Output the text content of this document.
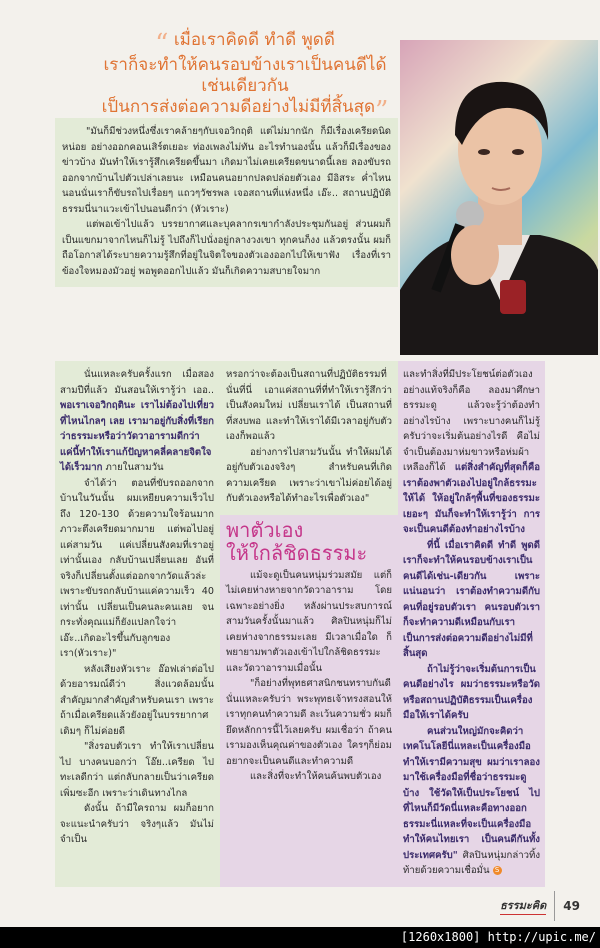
“ เมื่อเราคิดดี ทำดี พูดดี
เราก็จะทำให้คนรอบข้างเราเป็นคนดีได้เช่นเดียวกัน
เป็นการส่งต่อความดีอย่างไม่มีที่สิ้นสุด”

"มันก็มีช่วงหนึ่งซึ่งเราคล้ายๆกับเจอวิกฤติ แต่ไม่มากนัก ก็มีเรื่องเครียดนิดหน่อย อย่างออกคอนเสิร์ตเยอะ ท่องเพลงไม่ทัน อะไรทำนองนั้น แล้วก็มีเรื่องของข่าวบ้าง มันทำให้เรารู้สึกเครียดขึ้นมา เกิดมาไม่เคยเครียดขนาดนี้เลย ลองขับรถออกจากบ้านไปตัวเปล่าเลยนะ เหมือนคนอยากปลดปล่อยตัวเอง มีอิสระ ค่ำไหนนอนนั่นเราก็ขับรถไปเรื่อยๆ แถวๆวัชรพล เจอสถานที่แห่งหนึ่ง เอ๊ะ.. สถานปฏิบัติธรรมนี่นาแวะเข้าไปนอนดีกว่า (หัวเราะ)

แต่พอเข้าไปแล้ว บรรยากาศและบุคลากรเขากำลังประชุมกันอยู่ ส่วนผมก็เป็นแขกมาจากไหนก็ไม่รู้ ไปถึงก็ไปนั่งอยู่กลางวงเขา ทุกคนก็งง แล้วตรงนั้น ผมก็ถือโอกาสได้ระบายความรู้สึกที่อยู่ในจิตใจของตัวเองออกไปให้เขาฟัง เรื่องที่เราข้องใจหมองมัวอยู่ พอพูดออกไปแล้ว มันก็เกิดความสบายใจมาก

นั่นแหละครับครั้งแรก เมื่อสองสามปีที่แล้ว มันสอนให้เรารู้ว่า เออ.. พอเราเจอวิกฤตินะ เราไม่ต้องไปเที่ยวที่ไหนไกลๆ เลย เรามาอยู่กับสิ่งที่เรียกว่าธรรมะหรือว่าวัดวาอารามดีกว่า แค่นี้ทำให้เราแก้ปัญหาคลี่คลายจิตใจได้เร็วมาก ภายในสามวัน

จำได้ว่า ตอนที่ขับรถออกจากบ้านในวันนั้น ผมเหยียบความเร็วไปถึง 120-130 ด้วยความใจร้อนมาก ภาวะตึงเครียดมากมาย แต่พอไปอยู่แค่สามวัน แค่เปลี่ยนสังคมที่เราอยู่เท่านั้นเอง กลับบ้านเปลี่ยนเลย อันที่จริงก็เปลี่ยนตั้งแต่ออกจากวัดแล้วล่ะ เพราะขับรถกลับบ้านแค่ความเร็ว 40 เท่านั้น เปลี่ยนเป็นคนละคนเลย จนกระทั่งคุณแม่ก็ยังแปลกใจว่า เอ๊ะ..เกิดอะไรขึ้นกับลูกของเรา(หัวเราะ)"

หลังเสียงหัวเราะ อ๊อฟเล่าต่อไปด้วยอารมณ์ดีว่า สิ่งแวดล้อมนั้นสำคัญมากสำคัญสำหรับคนเรา เพราะถ้าเมื่อเครียดแล้วยังอยู่ในบรรยากาศเดิมๆ ก็ไม่ค่อยดี

"สิ่งรอบตัวเรา ทำให้เราเปลี่ยนไป บางคนบอกว่า โอ๊ย..เครียด ไปทะเลดีกว่า แต่กลับกลายเป็นว่าเครียดเพิ่มซะอีก เพราะว่าเดินทางไกล

ดังนั้น ถ้ามีใครถาม ผมก็อยากจะแนะนำครับว่า จริงๆแล้ว มันไม่จำเป็น

หรอกว่าจะต้องเป็นสถานที่ปฏิบัติธรรมที่นั่นที่นี่ เอาแค่สถานที่ที่ทำให้เรารู้สึกว่าเป็นสังคมใหม่ เปลี่ยนเราได้ เป็นสถานที่ที่สงบพอ และทำให้เราได้มีเวลาอยู่กับตัวเองก็พอแล้ว

อย่างการไปสามวันนั้น ทำให้ผมได้อยู่กับตัวเองจริงๆ สำหรับคนที่เกิดความเครียด เพราะว่าเขาไม่ค่อยได้อยู่กับตัวเองหรือได้ทำอะไรเพื่อตัวเอง"

พาตัวเอง
ให้ใกล้ชิดธรรมะ

แม้จะดูเป็นคนหนุ่มร่วมสมัย แต่ก็ไม่เคยห่างหายจากวัดวาอาราม โดยเฉพาะอย่างยิ่ง หลังผ่านประสบการณ์สามวันครั้งนั้นมาแล้ว ศิลปินหนุ่มก็ไม่เคยห่างจากธรรมะเลย มีเวลาเมื่อใด ก็พยายามพาตัวเองเข้าไปใกล้ชิดธรรมะและวัดวาอารามเมื่อนั้น

"ก็อย่างที่พุทธศาสนิกชนทราบกันดีนั่นแหละครับว่า พระพุทธเจ้าทรงสอนให้เราทุกคนทำความดี ละเว้นความชั่ว ผมก็ยึดหลักการนี้ไว้เลยครับ ผมเชื่อว่า ถ้าคนเรามองเห็นคุณค่าของตัวเอง ใครๆก็ย่อมอยากจะเป็นคนดีและทำความดี

และสิ่งที่จะทำให้คนค้นพบตัวเอง

และทำสิ่งที่มีประโยชน์ต่อตัวเองอย่างแท้จริงก็คือ ลองมาศึกษาธรรมะดู แล้วจะรู้ว่าต้องทำอย่างไรบ้าง เพราะบางคนก็ไม่รู้ครับว่าจะเริ่มต้นอย่างไรดี คือไม่จำเป็นต้องมาห่มขาวหรือห่มผ้าเหลืองก็ได้ แต่สิ่งสำคัญที่สุดก็คือ เราต้องพาตัวเองไปอยู่ใกล้ธรรมะให้ได้ ให้อยู่ใกล้ๆพื้นที่ของธรรมะเยอะๆ มันก็จะทำให้เรารู้ว่า การจะเป็นคนดีต้องทำอย่างไรบ้าง

ที่นี้ เมื่อเราคิดดี ทำดี พูดดี เราก็จะทำให้คนรอบข้างเราเป็นคนดีได้เช่น-เดียวกัน เพราะแน่นอนว่า เราต้องทำความดีกับคนที่อยู่รอบตัวเรา คนรอบตัวเราก็จะทำความดีเหมือนกับเรา เป็นการส่งต่อความดีอย่างไม่มีที่สิ้นสุด

ถ้าไม่รู้ว่าจะเริ่มต้นการเป็นคนดีอย่างไร ผมว่าธรรมะหรือวัด หรือสถานปฏิบัติธรรมเป็นเครื่องมือให้เราได้ครับ

คนส่วนใหญ่มักจะคิดว่าเทคโนโลยีนี่แหละเป็นเครื่องมือ ทำให้เรามีความสุข ผมว่าเราลองมาใช้เครื่องมือที่ชื่อว่าธรรมะดูบ้าง ใช้วัดให้เป็นประโยชน์ ไปที่ไหนก็มีวัดนี่แหละคือทางออก ธรรมะนี่แหละที่จะเป็นเครื่องมือทำให้คนไทยเรา เป็นคนดีกันทั้งประเทศครับ" ศิลปินหนุ่มกล่าวทิ้งท้ายด้วยความเชื่อมั่น S

ธรรมะคิด 49
[1260x1800] http://upic.me/
